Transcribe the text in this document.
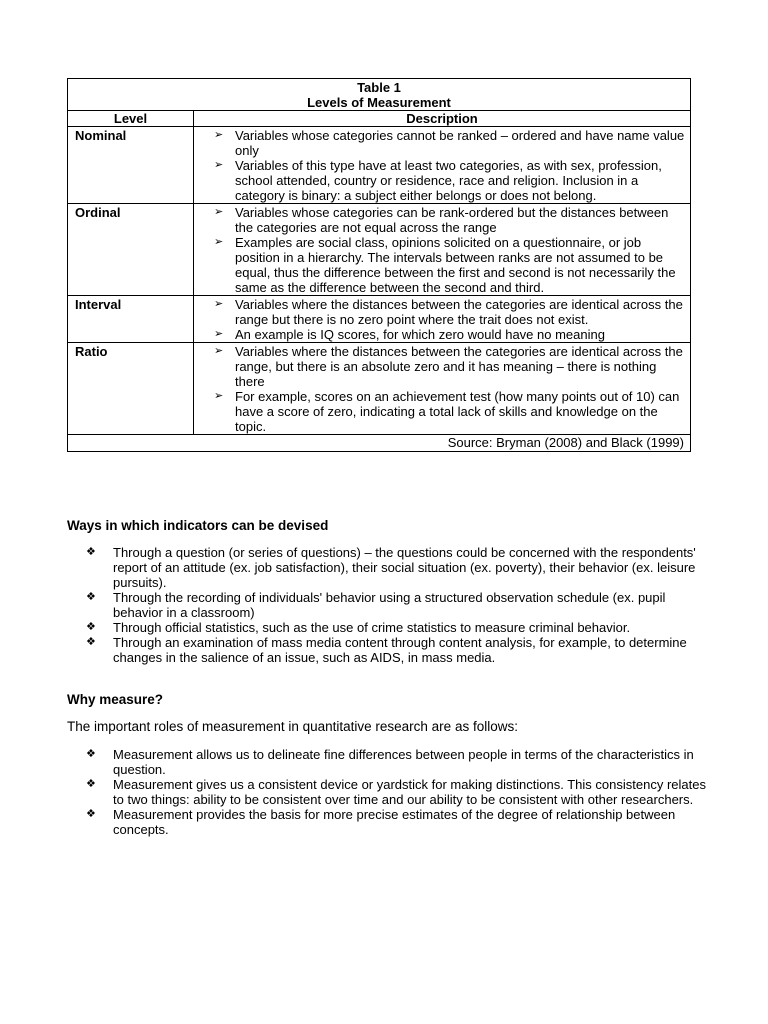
Table 1
Levels of Measurement	

Level	Description
Nominal	➢ Variables whose categories cannot be ranked – ordered and have name value only
➢ Variables of this type have at least two categories, as with sex, profession, school attended, country or residence, race and religion. Inclusion in a category is binary: a subject either belongs or does not belong.

Ordinal	➢ Variables whose categories can be rank-ordered but the distances between the categories are not equal across the range
➢ Examples are social class, opinions solicited on a questionnaire, or job position in a hierarchy. The intervals between ranks are not assumed to be equal, thus the difference between the first and second is not necessarily the same as the difference between the second and third.

Interval	➢ Variables where the distances between the categories are identical across the range but there is no zero point where the trait does not exist.
➢ An example is IQ scores, for which zero would have no meaning

Ratio	➢ Variables where the distances between the categories are identical across the range, but there is an absolute zero and it has meaning – there is nothing there
➢ For example, scores on an achievement test (how many points out of 10) can have a score of zero, indicating a total lack of skills and knowledge on the topic.

Source: Bryman (2008) and Black (1999)	
Ways in which indicators can be devised
❖	Through a question (or series of questions) – the questions could be concerned with the respondents' report of an attitude (ex. job satisfaction), their social situation (ex. poverty), their behavior (ex. leisure pursuits).
❖	Through the recording of individuals' behavior using a structured observation schedule (ex. pupil behavior in a classroom)
❖	Through official statistics, such as the use of crime statistics to measure criminal behavior.
❖	Through an examination of mass media content through content analysis, for example, to determine changes in the salience of an issue, such as AIDS, in mass media.
Why measure?
The important roles of measurement in quantitative research are as follows:
❖	Measurement allows us to delineate fine differences between people in terms of the characteristics in question.
❖	Measurement gives us a consistent device or yardstick for making distinctions. This consistency relates to two things: ability to be consistent over time and our ability to be consistent with other researchers.
❖	Measurement provides the basis for more precise estimates of the degree of relationship between concepts.
